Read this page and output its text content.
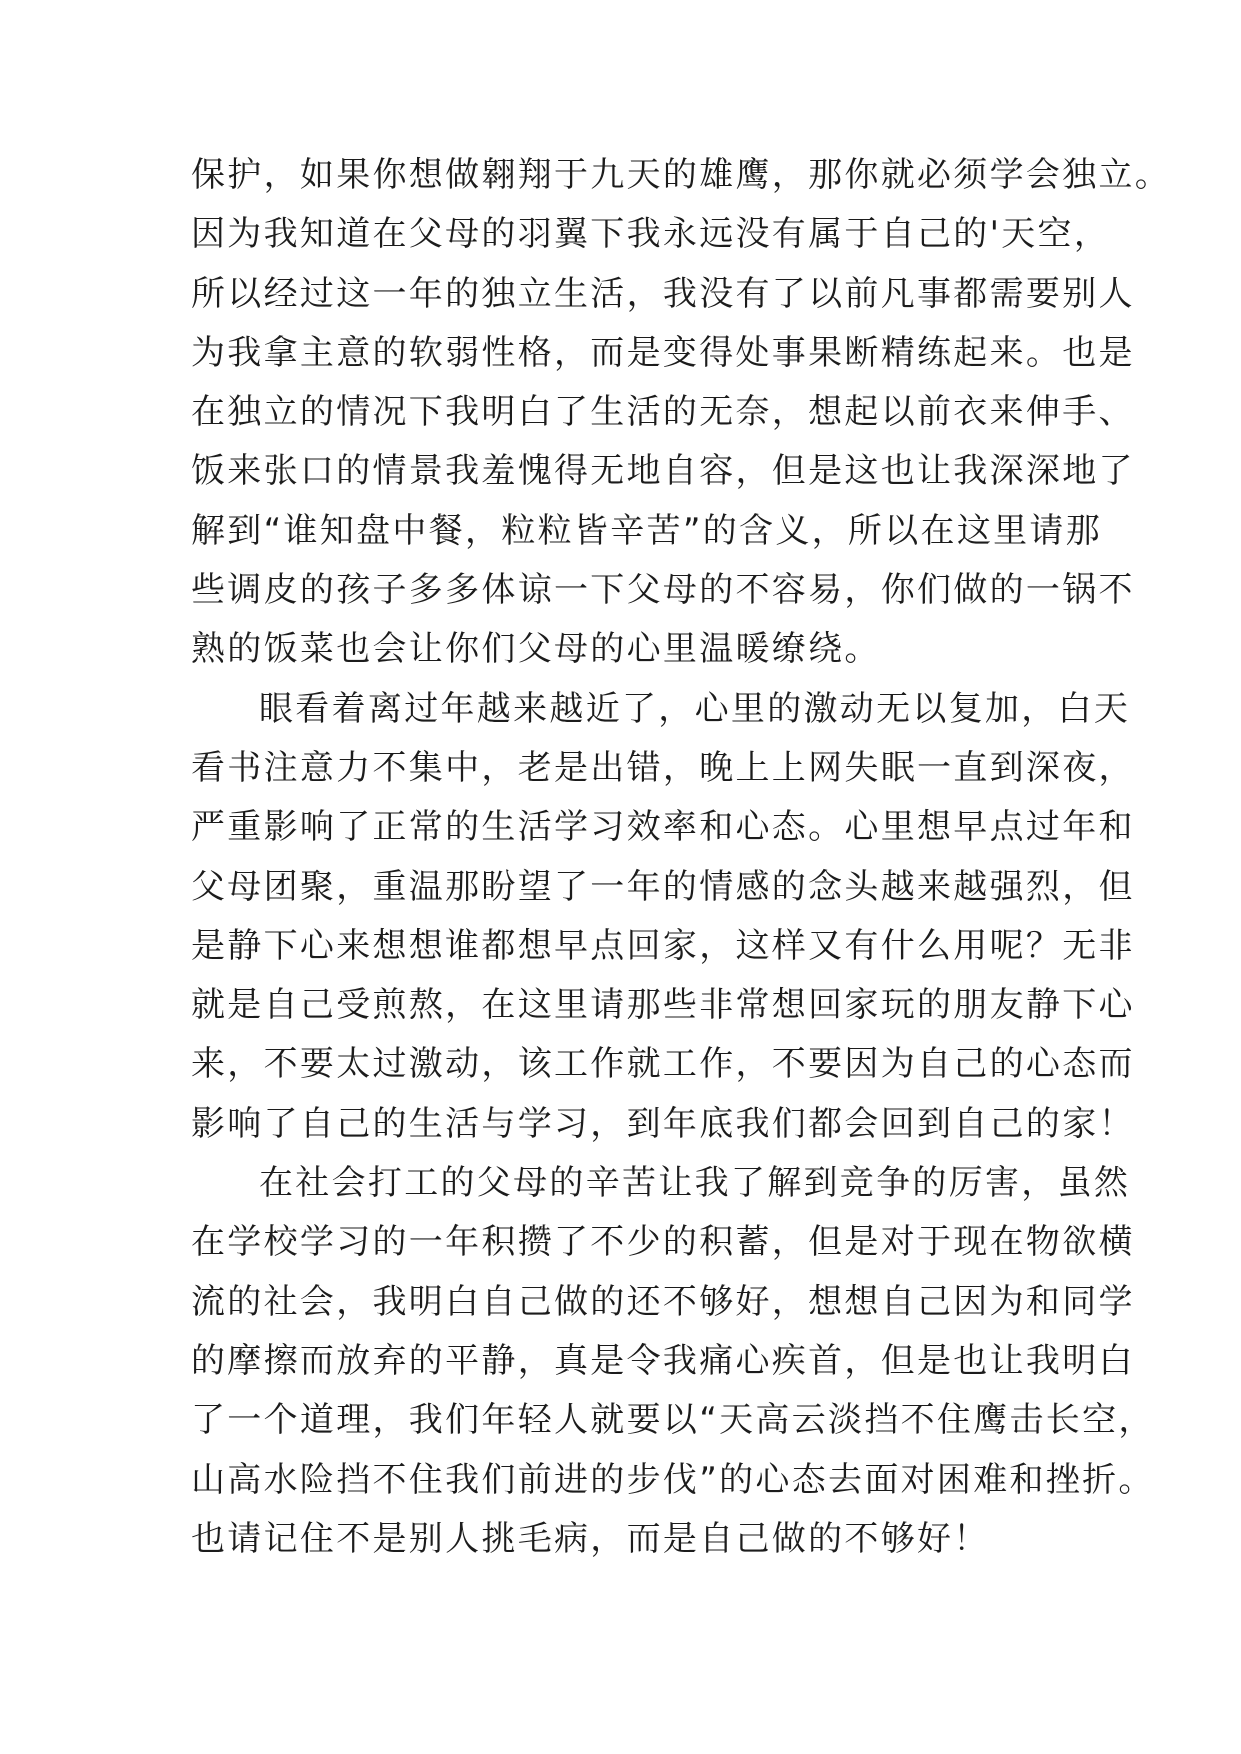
保护，如果你想做翱翔于九天的雄鹰，那你就必须学会独立。
因为我知道在父母的羽翼下我永远没有属于自己的'天空，
所以经过这一年的独立生活，我没有了以前凡事都需要别人
为我拿主意的软弱性格，而是变得处事果断精练起来。也是
在独立的情况下我明白了生活的无奈，想起以前衣来伸手、
饭来张口的情景我羞愧得无地自容，但是这也让我深深地了
解到“谁知盘中餐，粒粒皆辛苦”的含义，所以在这里请那
些调皮的孩子多多体谅一下父母的不容易，你们做的一锅不
熟的饭菜也会让你们父母的心里温暖缭绕。
眼看着离过年越来越近了，心里的激动无以复加，白天
看书注意力不集中，老是出错，晚上上网失眠一直到深夜，
严重影响了正常的生活学习效率和心态。心里想早点过年和
父母团聚，重温那盼望了一年的情感的念头越来越强烈，但
是静下心来想想谁都想早点回家，这样又有什么用呢？无非
就是自己受煎熬，在这里请那些非常想回家玩的朋友静下心
来，不要太过激动，该工作就工作，不要因为自己的心态而
影响了自己的生活与学习，到年底我们都会回到自己的家！
在社会打工的父母的辛苦让我了解到竞争的厉害，虽然
在学校学习的一年积攒了不少的积蓄，但是对于现在物欲横
流的社会，我明白自己做的还不够好，想想自己因为和同学
的摩擦而放弃的平静，真是令我痛心疾首，但是也让我明白
了一个道理，我们年轻人就要以“天高云淡挡不住鹰击长空，
山高水险挡不住我们前进的步伐”的心态去面对困难和挫折。
也请记住不是别人挑毛病，而是自己做的不够好！
